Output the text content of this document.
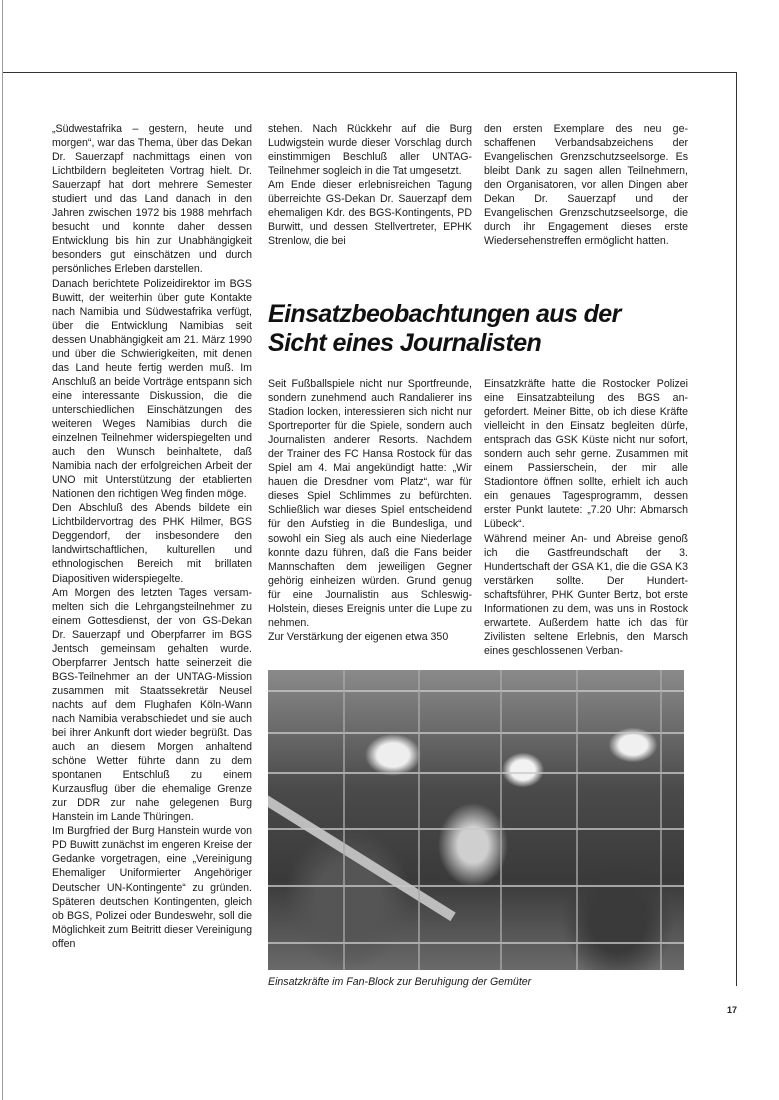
„Südwestafrika – gestern, heute und morgen“, war das Thema, über das Dekan Dr. Sauerzapf nachmittags einen von Lichtbildern begleiteten Vortrag hielt. Dr. Sauerzapf hat dort mehrere Semester studiert und das Land danach in den Jahren zwischen 1972 bis 1988 mehrfach besucht und konnte daher dessen Entwicklung bis hin zur Unabhängigkeit besonders gut einschätzen und durch persönliches Erleben darstellen.

Danach berichtete Polizeidirektor im BGS Buwitt, der weiterhin über gute Kontakte nach Namibia und Südwestafrika verfügt, über die Entwicklung Namibias seit dessen Unabhängigkeit am 21. März 1990 und über die Schwierigkeiten, mit denen das Land heute fertig werden muß. Im Anschluß an beide Vorträge entspann sich eine interessante Diskussion, die die unterschiedlichen Einschätzungen des weiteren Weges Namibias durch die einzelnen Teilnehmer widerspiegelten und auch den Wunsch beinhaltete, daß Namibia nach der erfolgreichen Arbeit der UNO mit Unterstützung der etablierten Nationen den richtigen Weg finden möge.

Den Abschluß des Abends bildete ein Lichtbildervortrag des PHK Hilmer, BGS Deggendorf, der insbesondere den landwirtschaftlichen, kulturellen und ethnologischen Bereich mit brillaten Diapositiven widerspiegelte.

Am Morgen des letzten Tages versammelten sich die Lehrgangsteilnehmer zu einem Gottesdienst, der von GS-Dekan Dr. Sauerzapf und Oberpfarrer im BGS Jentsch gemeinsam gehalten wurde. Oberpfarrer Jentsch hatte seinerzeit die BGS-Teilnehmer an der UNTAG-Mission zusammen mit Staatssekretär Neusel nachts auf dem Flughafen Köln-Wann nach Namibia verabschiedet und sie auch bei ihrer Ankunft dort wieder begrüßt. Das auch an diesem Morgen anhaltend schöne Wetter führte dann zu dem spontanen Entschluß zu einem Kurzausflug über die ehemalige Grenze zur DDR zur nahe gelegenen Burg Hanstein im Lande Thüringen.

Im Burgfried der Burg Hanstein wurde von PD Buwitt zunächst im engeren Kreise der Gedanke vorgetragen, eine „Vereinigung Ehemaliger Uniformierter Angehöriger Deutscher UN-Kontingente“ zu gründen. Späteren deutschen Kontingenten, gleich ob BGS, Polizei oder Bundeswehr, soll die Möglichkeit zum Beitritt dieser Vereinigung offen

stehen. Nach Rückkehr auf die Burg Ludwigstein wurde dieser Vorschlag durch einstimmigen Beschluß aller UNTAG-Teilnehmer sogleich in die Tat umgesetzt.

Am Ende dieser erlebnisreichen Tagung überreichte GS-Dekan Dr. Sauerzapf dem ehemaligen Kdr. des BGS-Kontingents, PD Burwitt, und dessen Stellvertreter, EPHK Strenlow, die bei

den ersten Exemplare des neu geschaffenen Verbandsabzeichens der Evangelischen Grenzschutzseelsorge. Es bleibt Dank zu sagen allen Teilnehmern, den Organisatoren, vor allen Dingen aber Dekan Dr. Sauerzapf und der Evangelischen Grenzschutzseelsorge, die durch ihr Engagement dieses erste Wiedersehenstreffen ermöglicht hatten.

Einsatzbeobachtungen aus der
Sicht eines Journalisten

Seit Fußballspiele nicht nur Sportfreunde, sondern zunehmend auch Randalierer ins Stadion locken, interessieren sich nicht nur Sportreporter für die Spiele, sondern auch Journalisten anderer Resorts. Nachdem der Trainer des FC Hansa Rostock für das Spiel am 4. Mai angekündigt hatte: „Wir hauen die Dresdner vom Platz“, war für dieses Spiel Schlimmes zu befürchten. Schließlich war dieses Spiel entscheidend für den Aufstieg in die Bundesliga, und sowohl ein Sieg als auch eine Niederlage konnte dazu führen, daß die Fans beider Mannschaften dem jeweiligen Gegner gehörig einheizen würden. Grund genug für eine Journalistin aus Schleswig-Holstein, dieses Ereignis unter die Lupe zu nehmen.

Zur Verstärkung der eigenen etwa 350

Einsatzkräfte hatte die Rostocker Polizei eine Einsatzabteilung des BGS angefordert. Meiner Bitte, ob ich diese Kräfte vielleicht in den Einsatz begleiten dürfe, entsprach das GSK Küste nicht nur sofort, sondern auch sehr gerne. Zusammen mit einem Passierschein, der mir alle Stadiontore öffnen sollte, erhielt ich auch ein genaues Tagesprogramm, dessen erster Punkt lautete: „7.20 Uhr: Abmarsch Lübeck“.

Während meiner An- und Abreise genoß ich die Gastfreundschaft der 3. Hundertschaft der GSA K1, die die GSA K3 verstärken sollte. Der Hundertschaftsführer, PHK Gunter Bertz, bot erste Informationen zu dem, was uns in Rostock erwartete. Außerdem hatte ich das für Zivilisten seltene Erlebnis, den Marsch eines geschlossenen Verban-

Einsatzkräfte im Fan-Block zur Beruhigung der Gemüter
17
